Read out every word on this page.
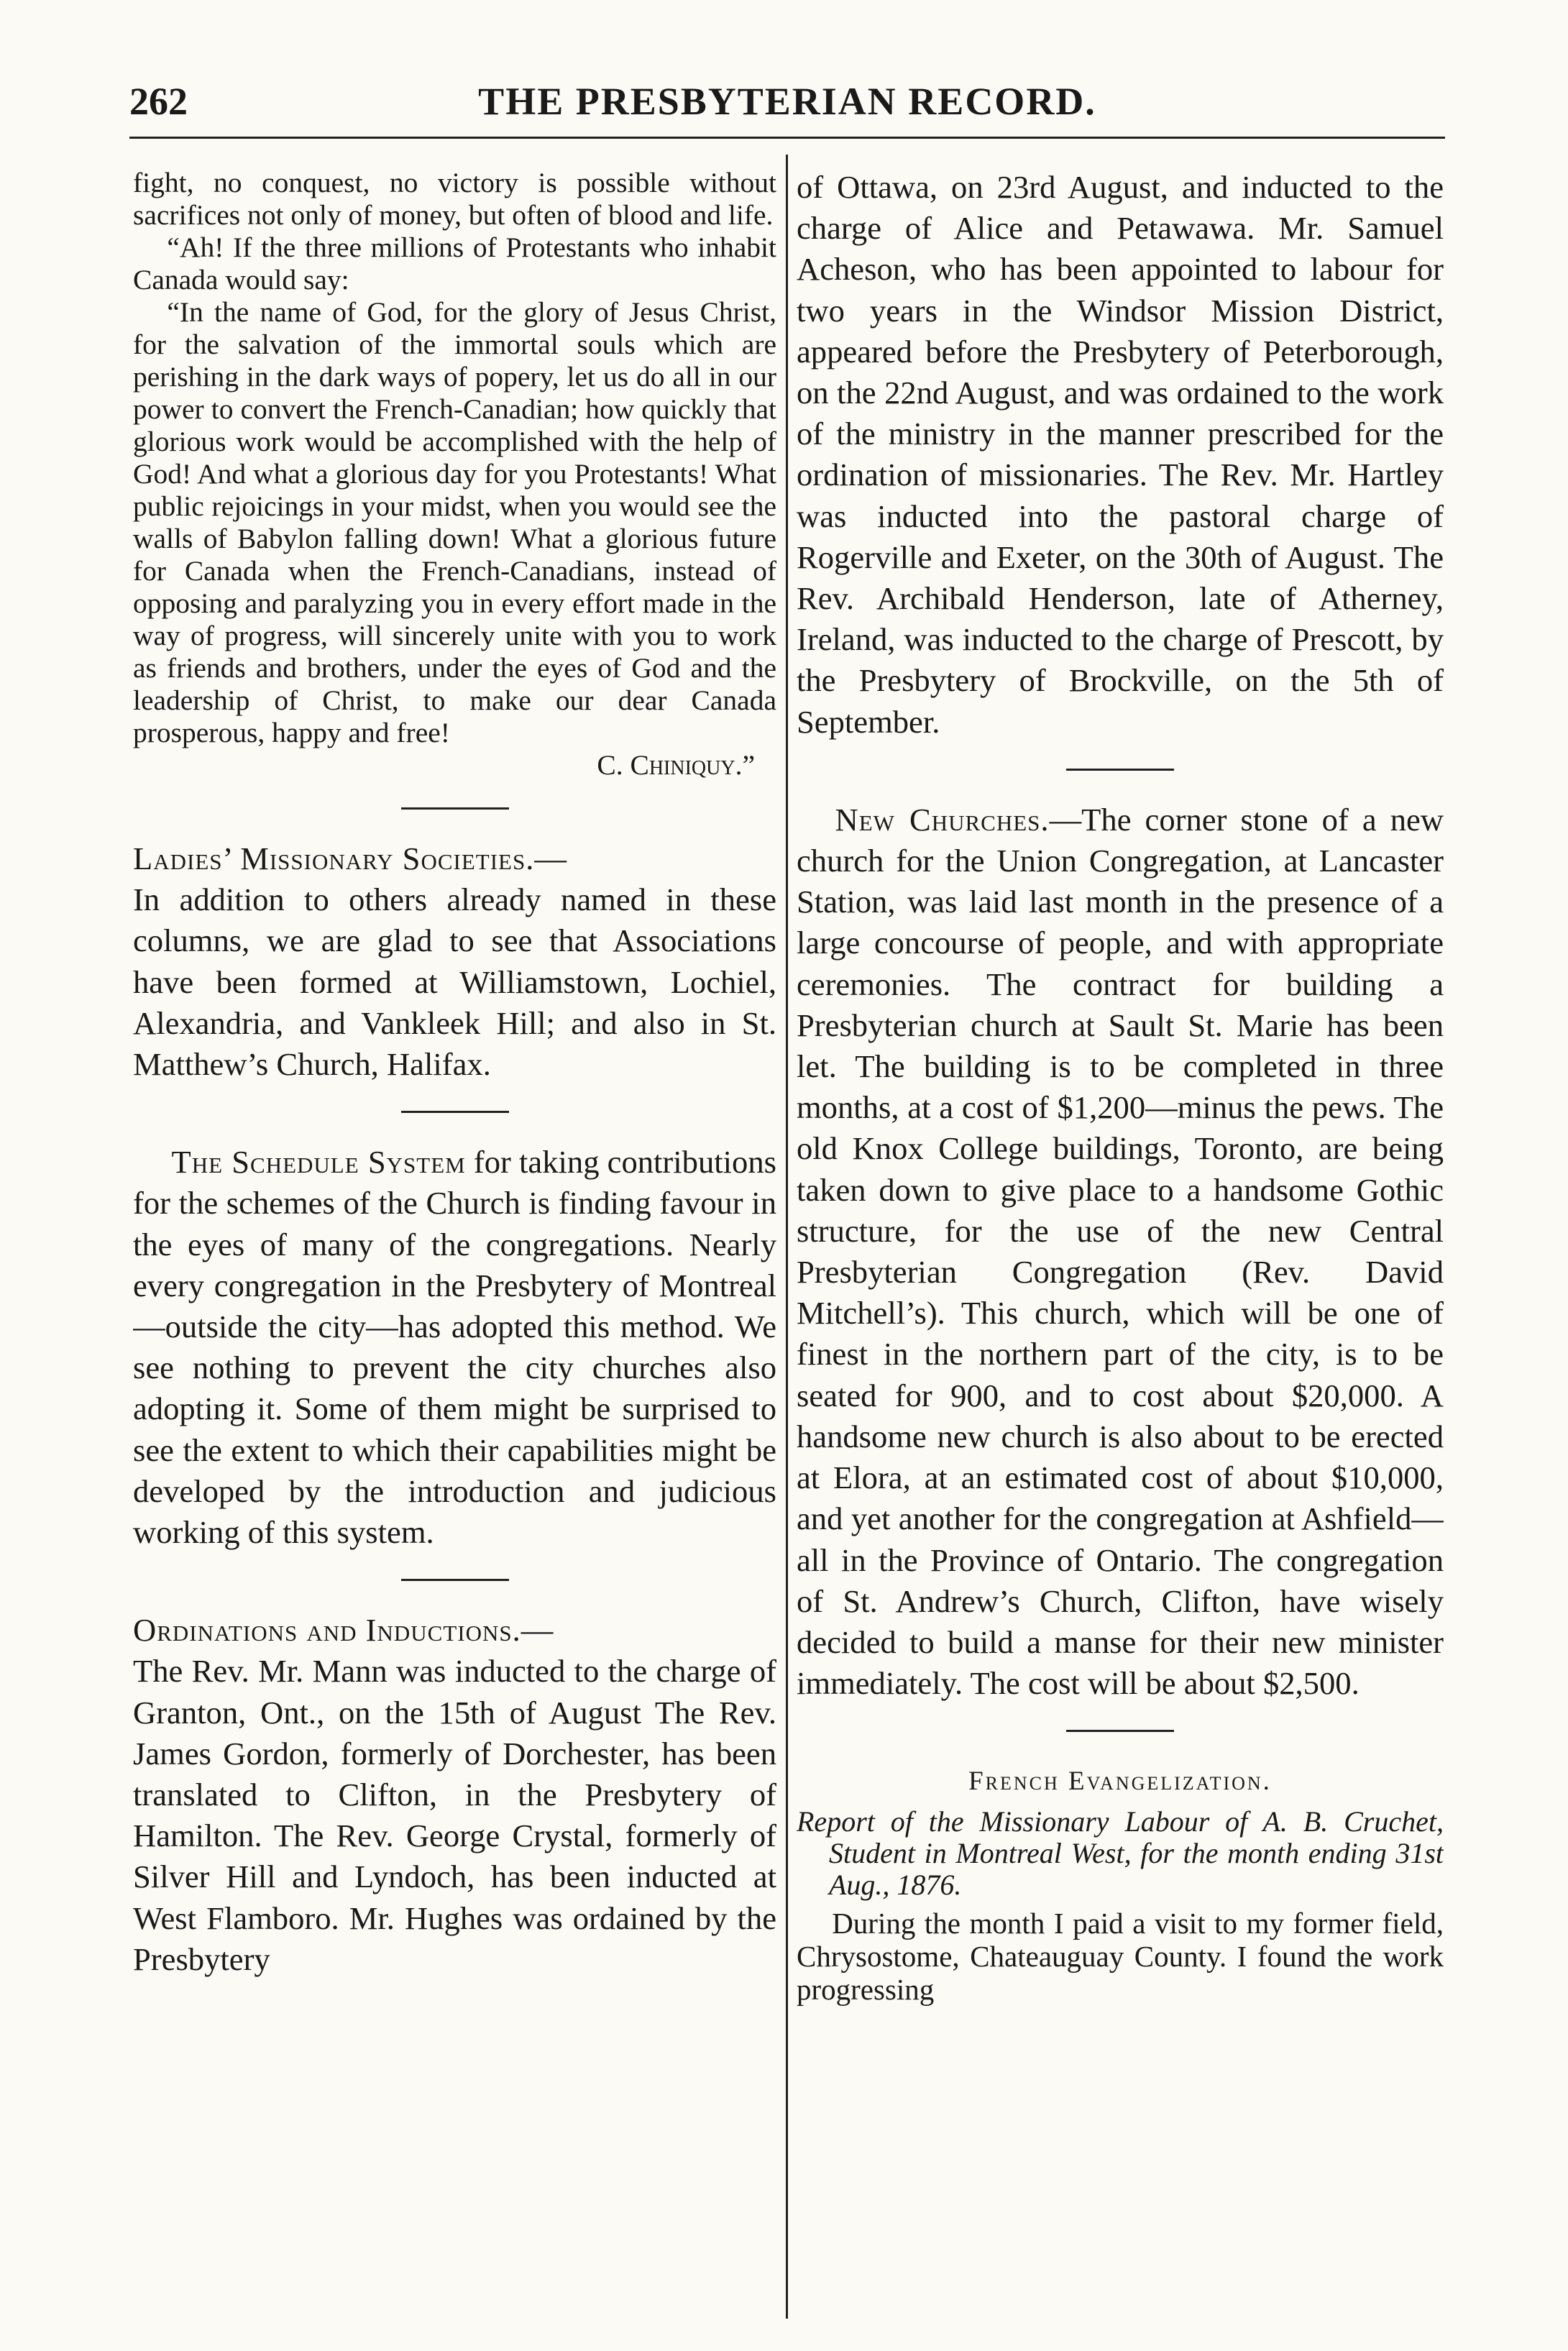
262	THE PRESBYTERIAN RECORD.

fight, no conquest, no victory is possible without sacrifices not only of money, but often of blood and life.

“Ah! If the three millions of Protestants who inhabit Canada would say:

“In the name of God, for the glory of Jesus Christ, for the salvation of the immortal souls which are perishing in the dark ways of popery, let us do all in our power to convert the French-Canadian; how quickly that glorious work would be accomplished with the help of God! And what a glorious day for you Protestants! What public rejoicings in your midst, when you would see the walls of Babylon falling down! What a glorious future for Canada when the French-Canadians, instead of opposing and paralyzing you in every effort made in the way of progress, will sincerely unite with you to work as friends and brothers, under the eyes of God and the leadership of Christ, to make our dear Canada prosperous, happy and free!

C. Chiniquy.”

Ladies’ Missionary Societies.—
In addition to others already named in these columns, we are glad to see that Associations have been formed at Williamstown, Lochiel, Alexandria, and Vankleek Hill; and also in St. Matthew’s Church, Halifax.

The Schedule System for taking contributions for the schemes of the Church is finding favour in the eyes of many of the congregations. Nearly every congregation in the Presbytery of Montreal—outside the city—has adopted this method. We see nothing to prevent the city churches also adopting it. Some of them might be surprised to see the extent to which their capabilities might be developed by the introduction and judicious working of this system.

Ordinations and Inductions.—
The Rev. Mr. Mann was inducted to the charge of Granton, Ont., on the 15th of August The Rev. James Gordon, formerly of Dorchester, has been translated to Clifton, in the Presbytery of Hamilton. The Rev. George Crystal, formerly of Silver Hill and Lyndoch, has been inducted at West Flamboro. Mr. Hughes was ordained by the Presbytery

of Ottawa, on 23rd August, and inducted to the charge of Alice and Petawawa. Mr. Samuel Acheson, who has been appointed to labour for two years in the Windsor Mission District, appeared before the Presbytery of Peterborough, on the 22nd August, and was ordained to the work of the ministry in the manner prescribed for the ordination of missionaries. The Rev. Mr. Hartley was inducted into the pastoral charge of Rogerville and Exeter, on the 30th of August. The Rev. Archibald Henderson, late of Atherney, Ireland, was inducted to the charge of Prescott, by the Presbytery of Brockville, on the 5th of September.

New Churches.—The corner stone of a new church for the Union Congregation, at Lancaster Station, was laid last month in the presence of a large concourse of people, and with appropriate ceremonies. The contract for building a Presbyterian church at Sault St. Marie has been let. The building is to be completed in three months, at a cost of $1,200—minus the pews. The old Knox College buildings, Toronto, are being taken down to give place to a handsome Gothic structure, for the use of the new Central Presbyterian Congregation (Rev. David Mitchell’s). This church, which will be one of finest in the northern part of the city, is to be seated for 900, and to cost about $20,000. A handsome new church is also about to be erected at Elora, at an estimated cost of about $10,000, and yet another for the congregation at Ashfield—all in the Province of Ontario. The congregation of St. Andrew’s Church, Clifton, have wisely decided to build a manse for their new minister immediately. The cost will be about $2,500.

French Evangelization.

Report of the Missionary Labour of A. B. Cruchet, Student in Montreal West, for the month ending 31st Aug., 1876.

During the month I paid a visit to my former field, Chrysostome, Chateauguay County. I found the work progressing
